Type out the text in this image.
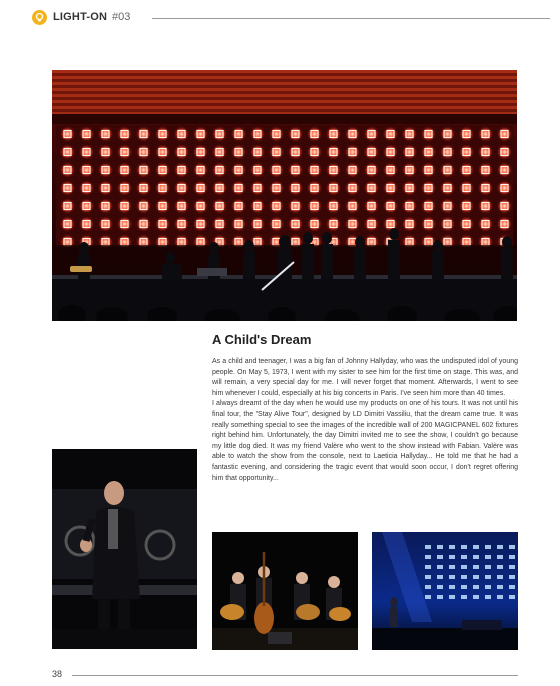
LIGHT-ON #03
A Child's Dream

As a child and teenager, I was a big fan of Johnny Hallyday, who was the undisputed idol of young people. On May 5, 1973, I went with my sister to see him for the first time on stage. This was, and will remain, a very special day for me. I will never forget that moment. Afterwards, I went to see him whenever I could, especially at his big concerts in Paris. I've seen him more than 40 times.

I always dreamt of the day when he would use my products on one of his tours. It was not until his final tour, the "Stay Alive Tour", designed by LD Dimitri Vassiliu, that the dream came true. It was really something special to see the images of the incredible wall of 200 MAGICPANEL 602 fixtures right behind him. Unfortunately, the day Dimitri invited me to see the show, I couldn't go because my little dog died. It was my friend Valère who went to the show instead with Fabian. Valère was able to watch the show from the console, next to Laeticia Hallyday... He told me that he had a fantastic evening, and considering the tragic event that would soon occur, I don't regret offering him that opportunity...

38
